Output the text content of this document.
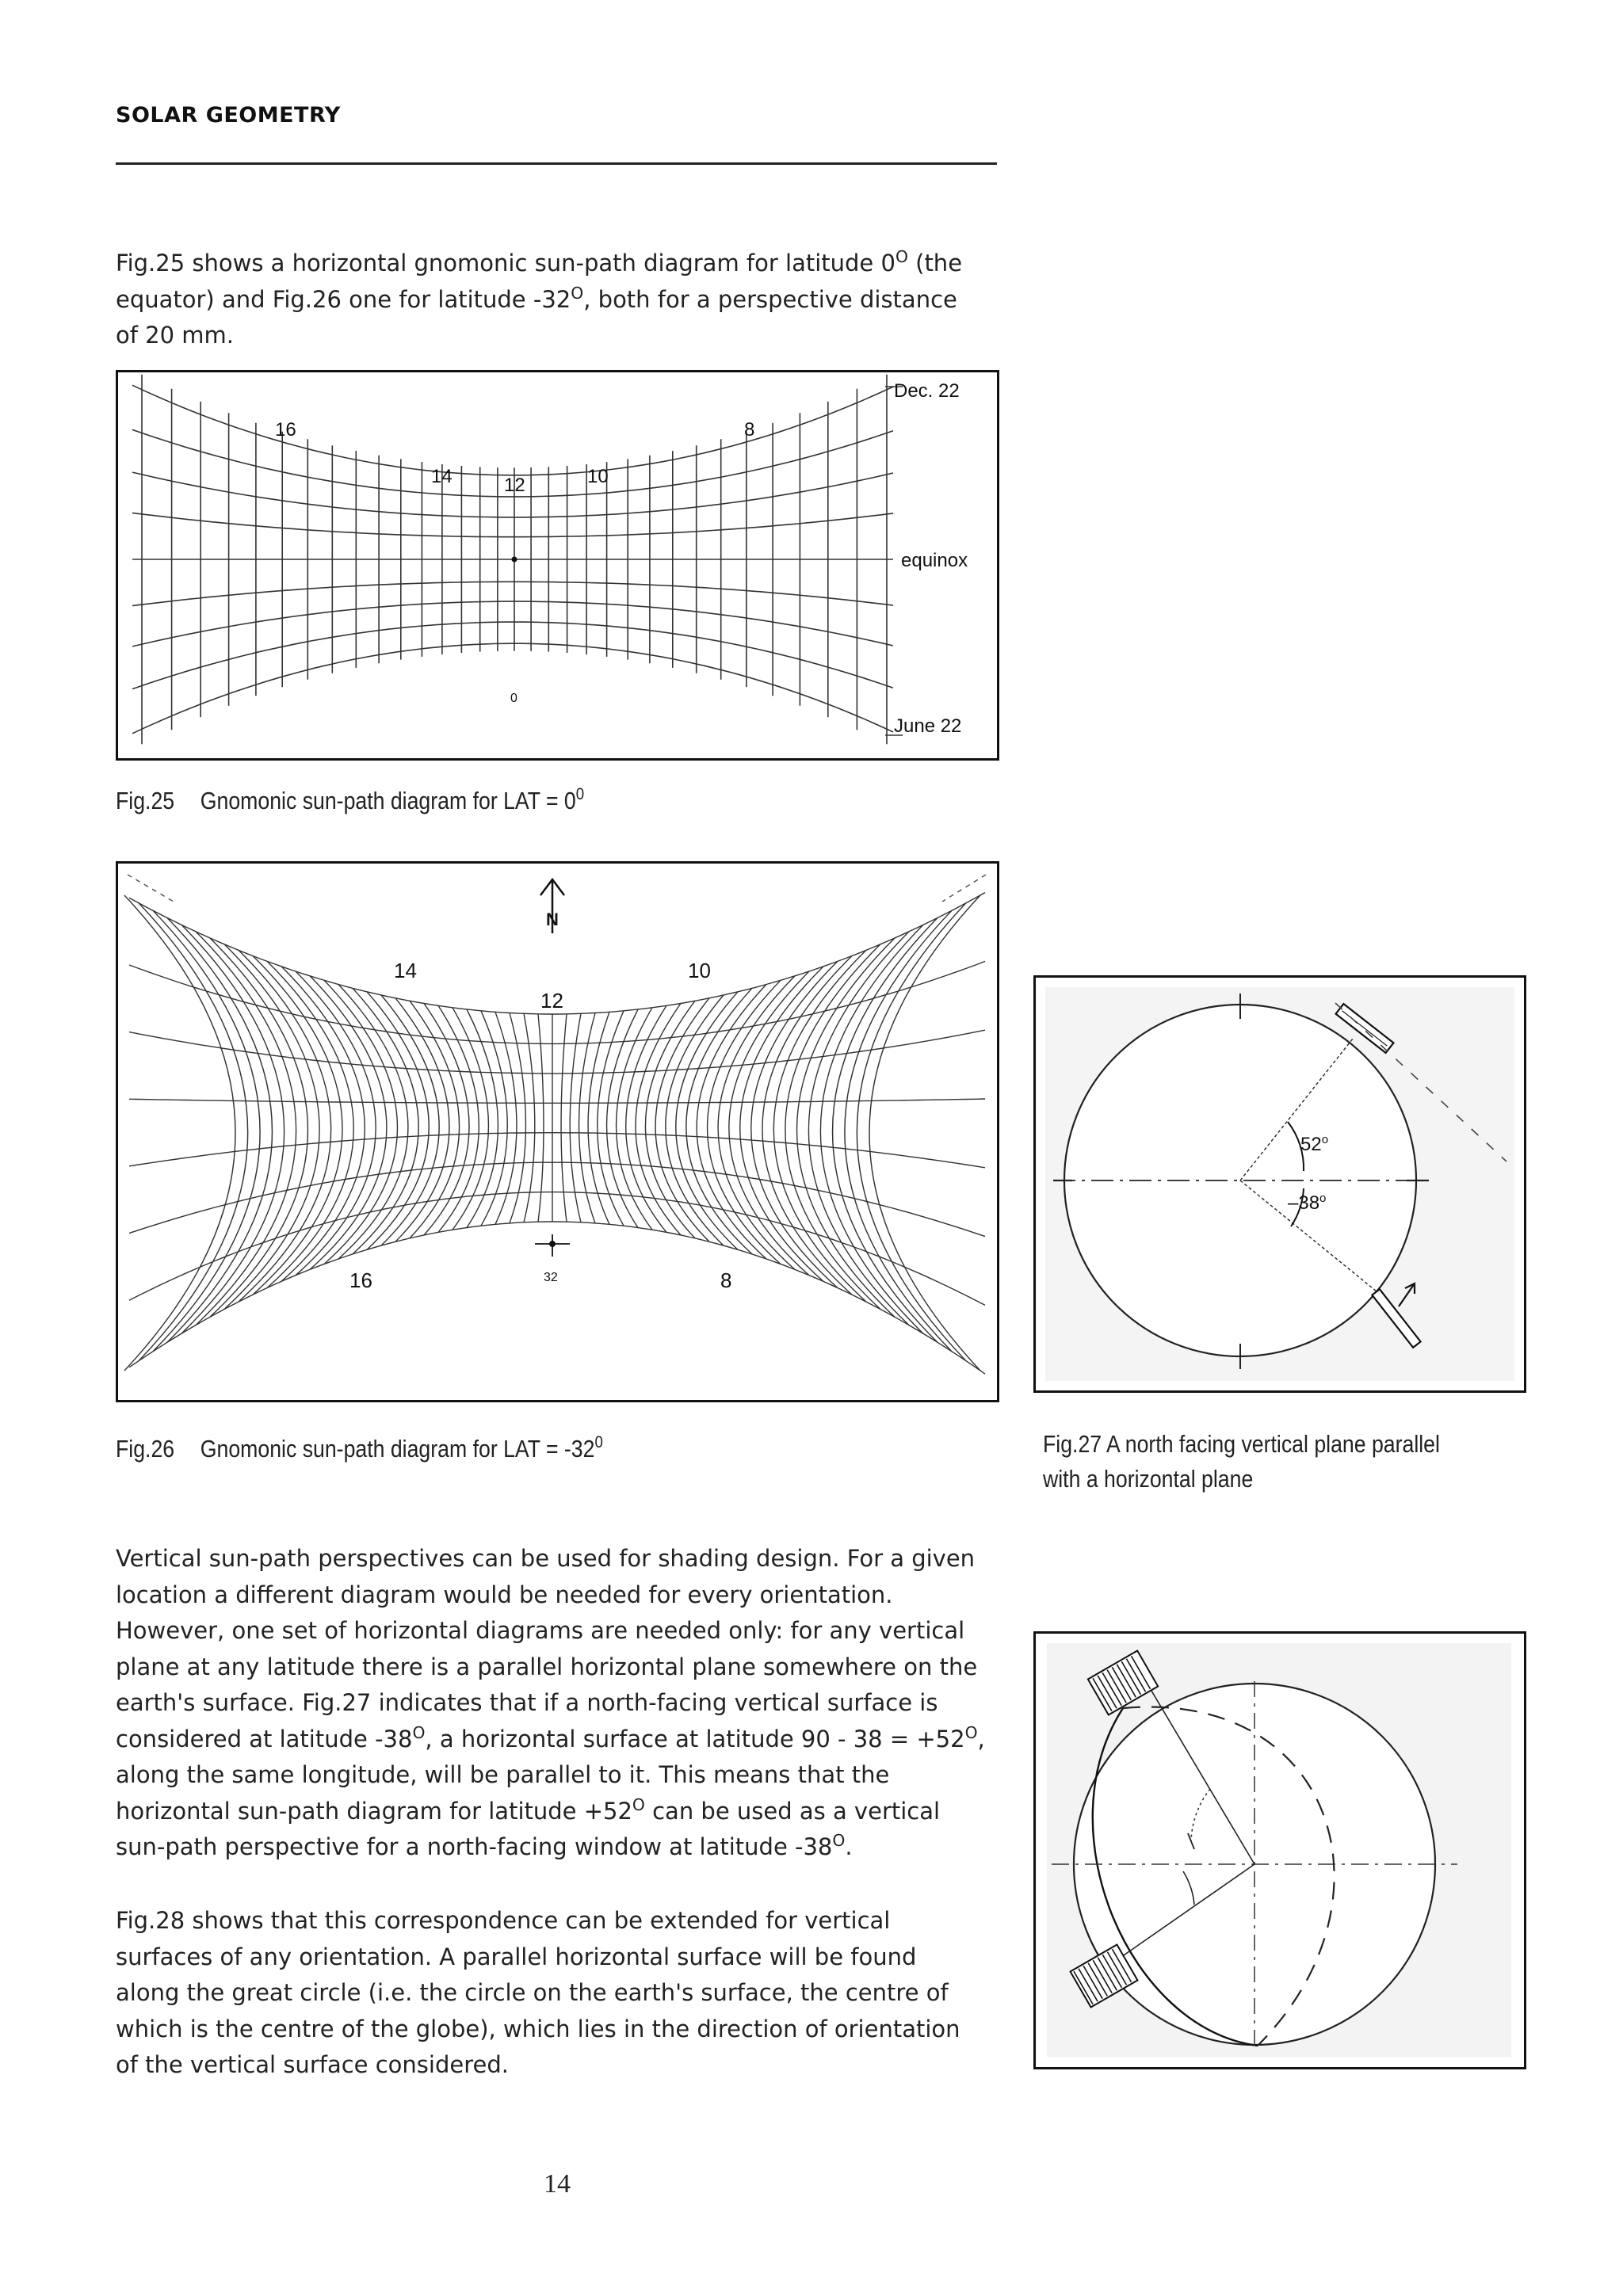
SOLAR GEOMETRY
Fig.25 shows a horizontal gnomonic sun-path diagram for latitude $0^O$ (the
equator) and Fig.26 one for latitude $-32^O$, both for a perspective distance
of 20 mm.
16
14	12	10
8
Dec. 22
equinox
June 22
0
Fig.25 Gnomonic sun-path diagram for LAT = $0^0$
N
14
12
10
16	8
32
Fig.26 Gnomonic sun-path diagram for LAT = $-32^0$
52$^o$
–38$^o$
Fig.27 A north facing vertical plane parallel
with a horizontal plane
Vertical sun-path perspectives can be used for shading design. For a given
location a different diagram would be needed for every orientation.
However, one set of horizontal diagrams are needed only: for any vertical
plane at any latitude there is a parallel horizontal plane somewhere on the
earth's surface. Fig.27 indicates that if a north-facing vertical surface is
considered at latitude $-38^O$, a horizontal surface at latitude $90 - 38 = +52^O$,
along the same longitude, will be parallel to it. This means that the
horizontal sun-path diagram for latitude $+52^O$ can be used as a vertical
sun-path perspective for a north-facing window at latitude $-38^O$.
Fig.28 shows that this correspondence can be extended for vertical
surfaces of any orientation. A parallel horizontal surface will be found
along the great circle (i.e. the circle on the earth's surface, the centre of
which is the centre of the globe), which lies in the direction of orientation
of the vertical surface considered.
14
